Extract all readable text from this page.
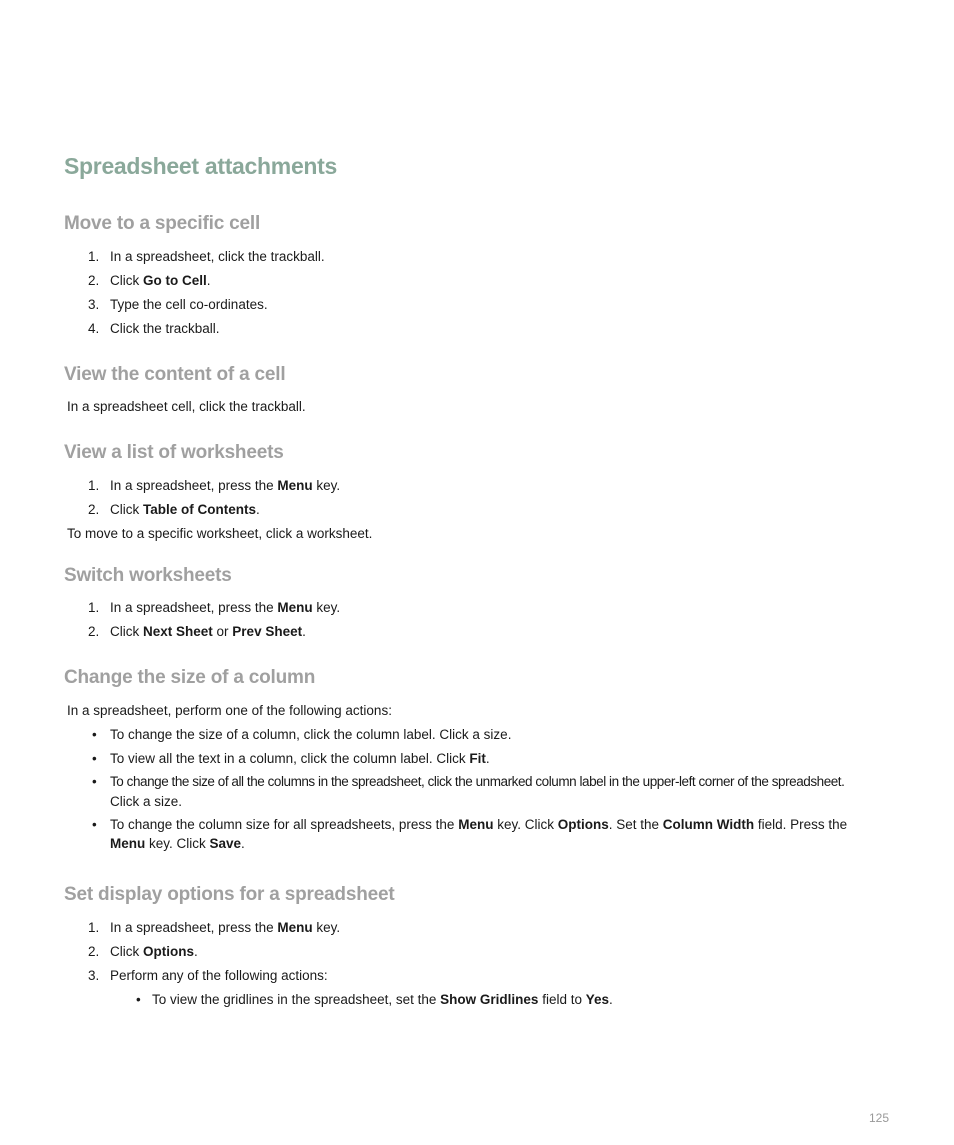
Spreadsheet attachments
Move to a specific cell
1. In a spreadsheet, click the trackball.
2. Click Go to Cell.
3. Type the cell co-ordinates.
4. Click the trackball.
View the content of a cell
In a spreadsheet cell, click the trackball.
View a list of worksheets
1. In a spreadsheet, press the Menu key.
2. Click Table of Contents.
To move to a specific worksheet, click a worksheet.
Switch worksheets
1. In a spreadsheet, press the Menu key.
2. Click Next Sheet or Prev Sheet.
Change the size of a column
In a spreadsheet, perform one of the following actions:
• To change the size of a column, click the column label. Click a size.
• To view all the text in a column, click the column label. Click Fit.
• To change the size of all the columns in the spreadsheet, click the unmarked column label in the upper-left corner of the spreadsheet.
Click a size.
• To change the column size for all spreadsheets, press the Menu key. Click Options. Set the Column Width field. Press the
Menu key. Click Save.
Set display options for a spreadsheet
1. In a spreadsheet, press the Menu key.
2. Click Options.
3. Perform any of the following actions:
• To view the gridlines in the spreadsheet, set the Show Gridlines field to Yes.
125
